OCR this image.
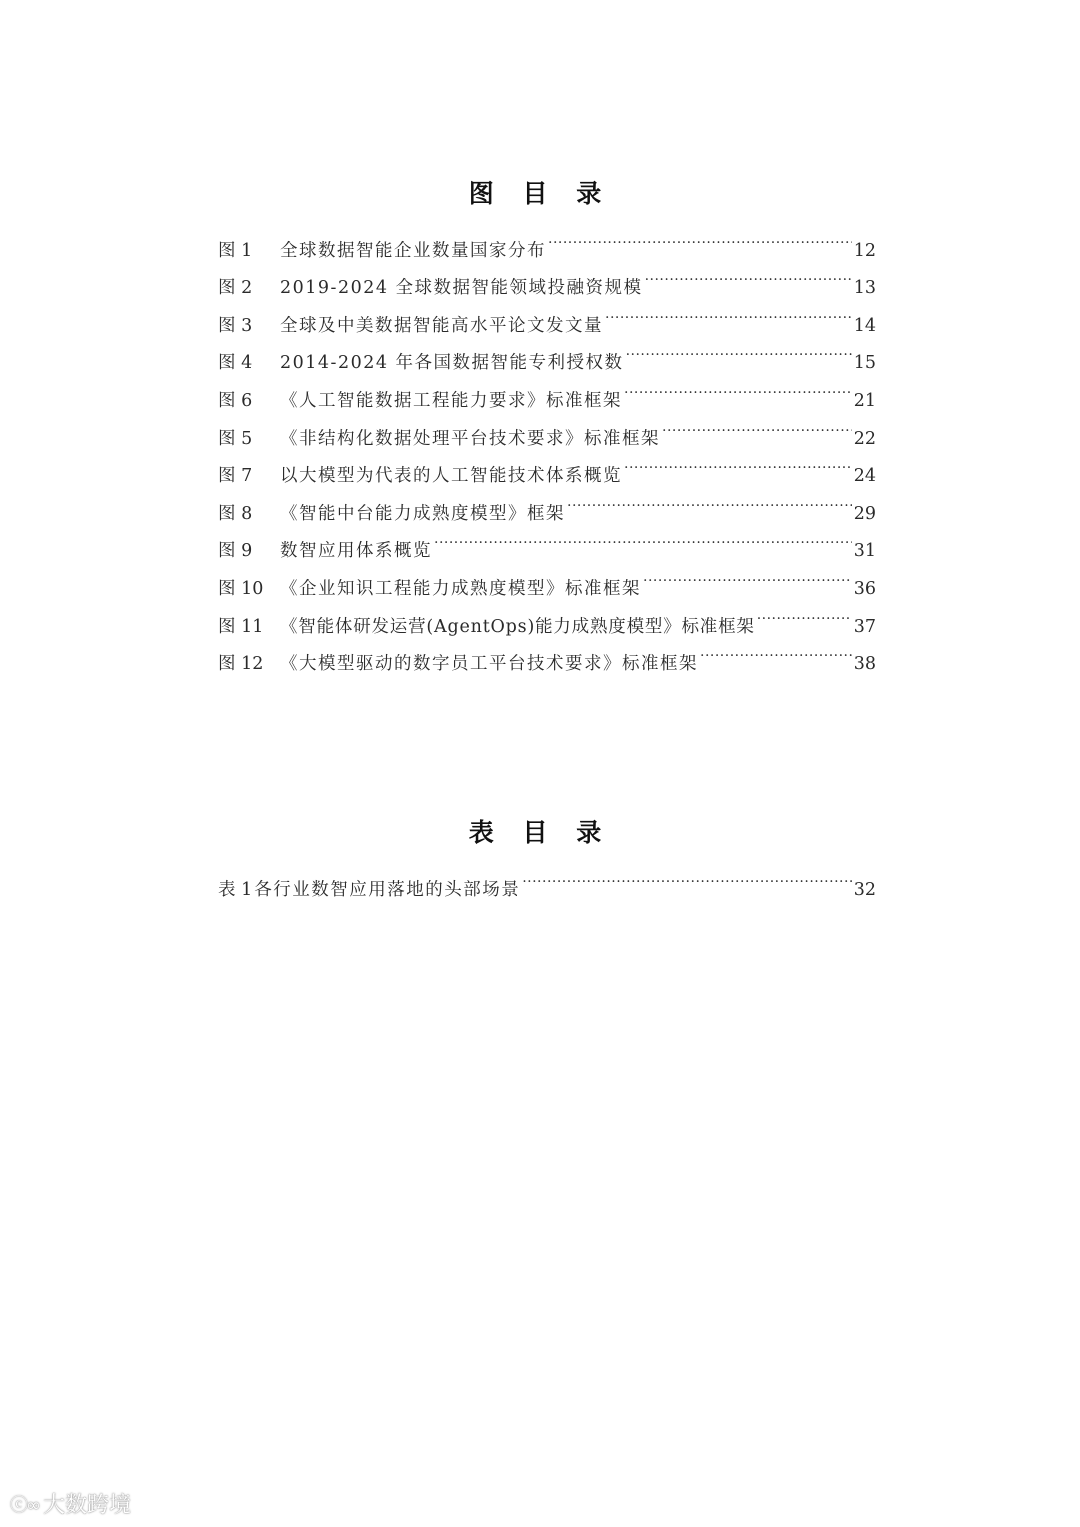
图 目 录
图 1	全球数据智能企业数量国家分布 .....	12
图 2	2019-2024 全球数据智能领域投融资规模 .....	13
图 3	全球及中美数据智能高水平论文发文量 .....	14
图 4	2014-2024 年各国数据智能专利授权数 .....	15
图 6	《人工智能数据工程能力要求》标准框架 .....	21
图 5	《非结构化数据处理平台技术要求》标准框架 .....	22
图 7	以大模型为代表的人工智能技术体系概览 .....	24
图 8	《智能中台能力成熟度模型》框架 .....	29
图 9	数智应用体系概览 .....	31
图 10 《企业知识工程能力成熟度模型》标准框架 .....	36
图 11 《智能体研发运营(AgentOps)能力成熟度模型》标准框架 .....	37
图 12 《大模型驱动的数字员工平台技术要求》标准框架 .....	38
表 目 录
表 1 各行业数智应用落地的头部场景 .....	32
ⓒ∞ 大数跨境
